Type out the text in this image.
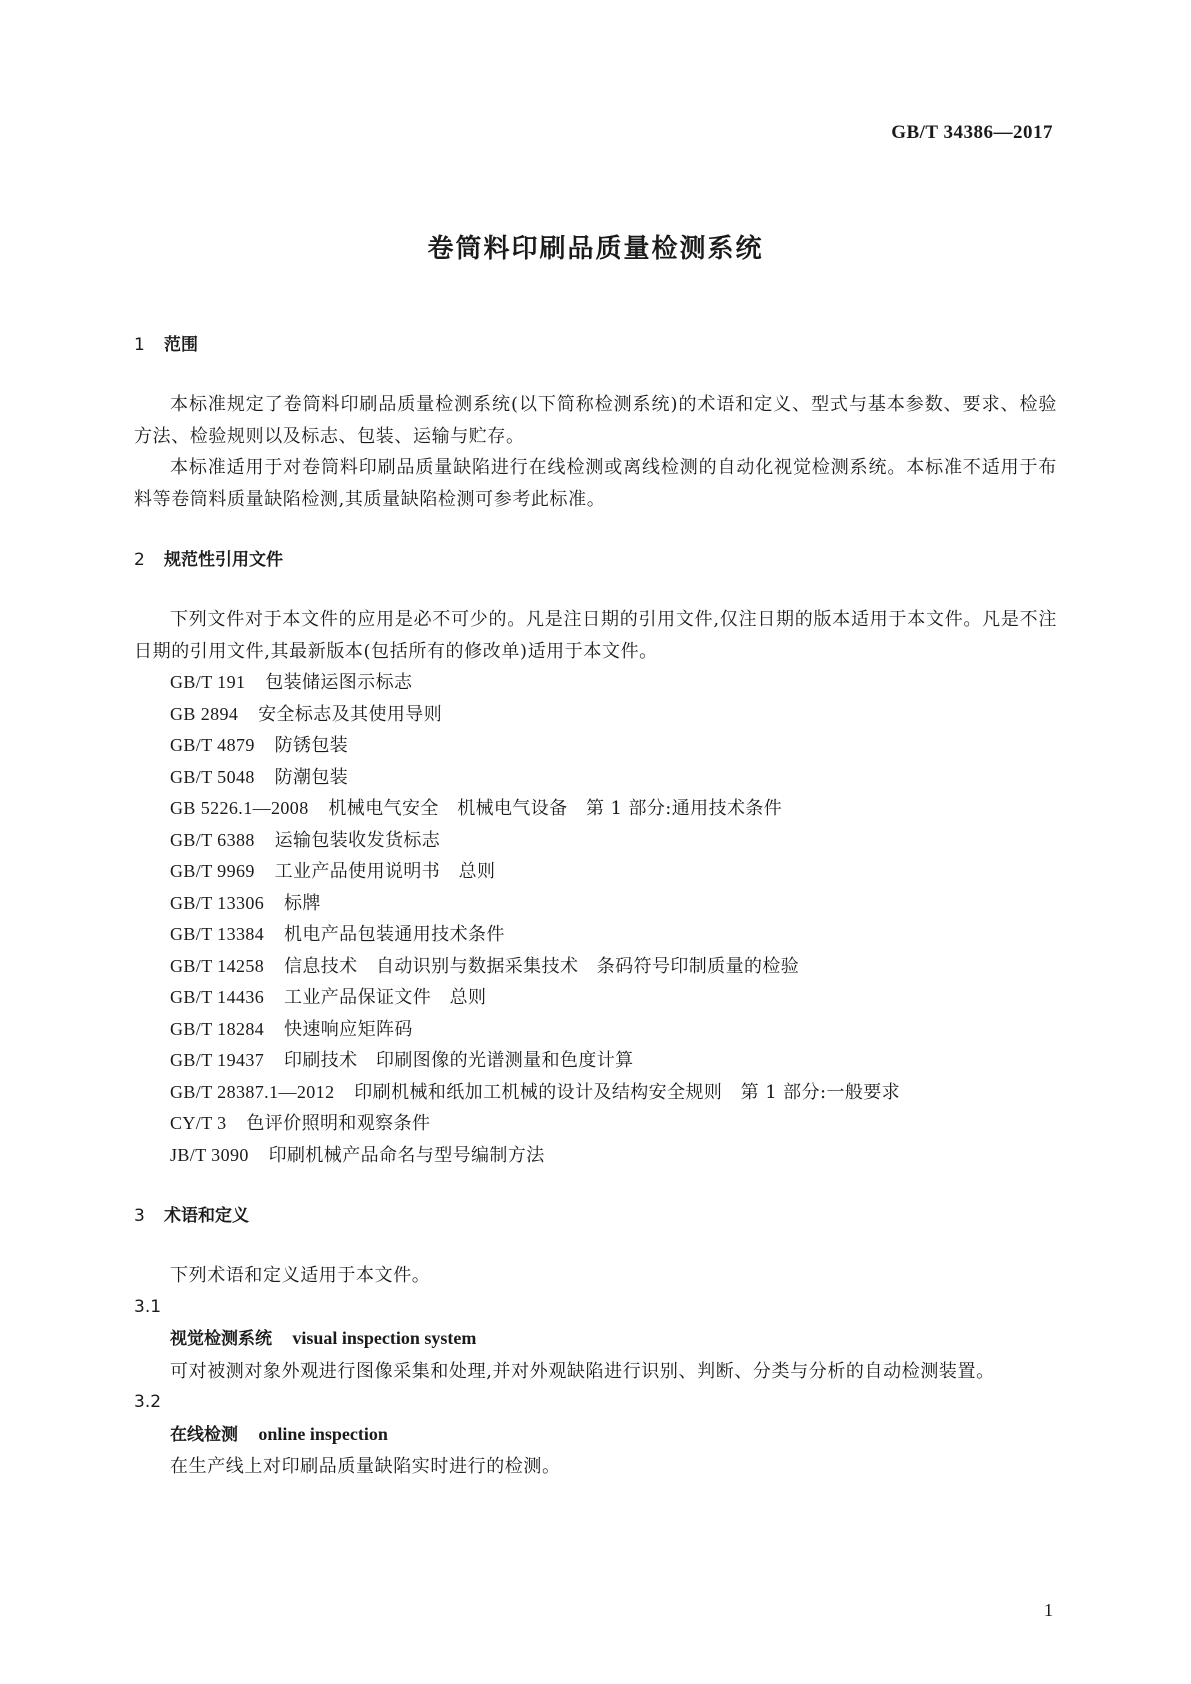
GB/T 34386—2017
卷筒料印刷品质量检测系统
1 范围

本标准规定了卷筒料印刷品质量检测系统(以下简称检测系统)的术语和定义、型式与基本参数、要求、检验方法、检验规则以及标志、包装、运输与贮存。

本标准适用于对卷筒料印刷品质量缺陷进行在线检测或离线检测的自动化视觉检测系统。本标准不适用于布料等卷筒料质量缺陷检测,其质量缺陷检测可参考此标准。

2 规范性引用文件

下列文件对于本文件的应用是必不可少的。凡是注日期的引用文件,仅注日期的版本适用于本文件。凡是不注日期的引用文件,其最新版本(包括所有的修改单)适用于本文件。

GB/T 191 包装储运图示标志
GB 2894 安全标志及其使用导则
GB/T 4879 防锈包装
GB/T 5048 防潮包装
GB 5226.1—2008 机械电气安全　机械电气设备　第 1 部分:通用技术条件
GB/T 6388 运输包装收发货标志
GB/T 9969 工业产品使用说明书　总则
GB/T 13306 标牌
GB/T 13384 机电产品包装通用技术条件
GB/T 14258 信息技术　自动识别与数据采集技术　条码符号印制质量的检验
GB/T 14436 工业产品保证文件　总则
GB/T 18284 快速响应矩阵码
GB/T 19437 印刷技术　印刷图像的光谱测量和色度计算
GB/T 28387.1—2012 印刷机械和纸加工机械的设计及结构安全规则　第 1 部分:一般要求
CY/T 3 色评价照明和观察条件
JB/T 3090 印刷机械产品命名与型号编制方法
3 术语和定义

下列术语和定义适用于本文件。

3.1
视觉检测系统 visual inspection system

可对被测对象外观进行图像采集和处理,并对外观缺陷进行识别、判断、分类与分析的自动检测装置。

3.2
在线检测 online inspection

在生产线上对印刷品质量缺陷实时进行的检测。

1
